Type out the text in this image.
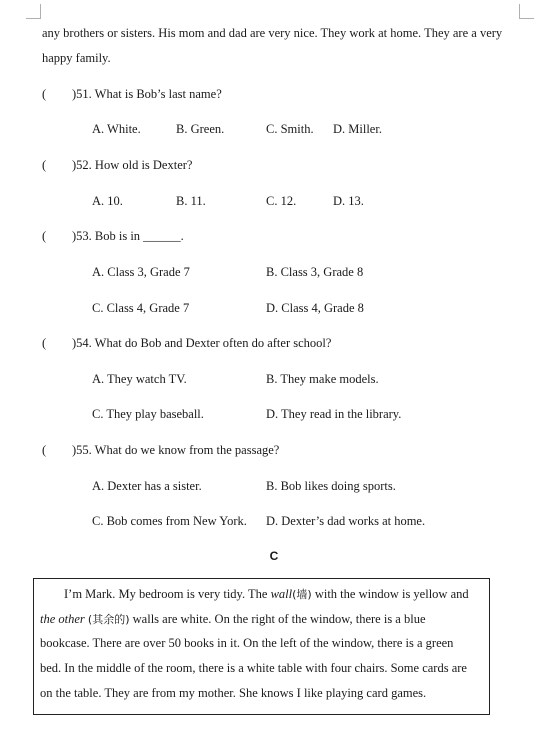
any brothers or sisters. His mom and dad are very nice. They work at home. They are a very
happy family.
( )51. What is Bob’s last name?
A. White.	B. Green.	C. Smith. D. Miller.
( )52. How old is Dexter?
A. 10.	B. 11.	C. 12.	D. 13.
( )53. Bob is in ______.
A. Class 3, Grade 7	B. Class 3, Grade 8
C. Class 4, Grade 7	D. Class 4, Grade 8
( )54. What do Bob and Dexter often do after school?
A. They watch TV.	B. They make models.
C. They play baseball.	D. They read in the library.
( )55. What do we know from the passage?
A. Dexter has a sister.	B. Bob likes doing sports.
C. Bob comes from New York. D. Dexter’s dad works at home.
C
I’m Mark. My bedroom is very tidy. The wall(墙) with the window is yellow and
the other (其余的) walls are white. On the right of the window, there is a blue
bookcase. There are over 50 books in it. On the left of the window, there is a green
bed. In the middle of the room, there is a white table with four chairs. Some cards are
on the table. They are from my mother. She knows I like playing card games.
